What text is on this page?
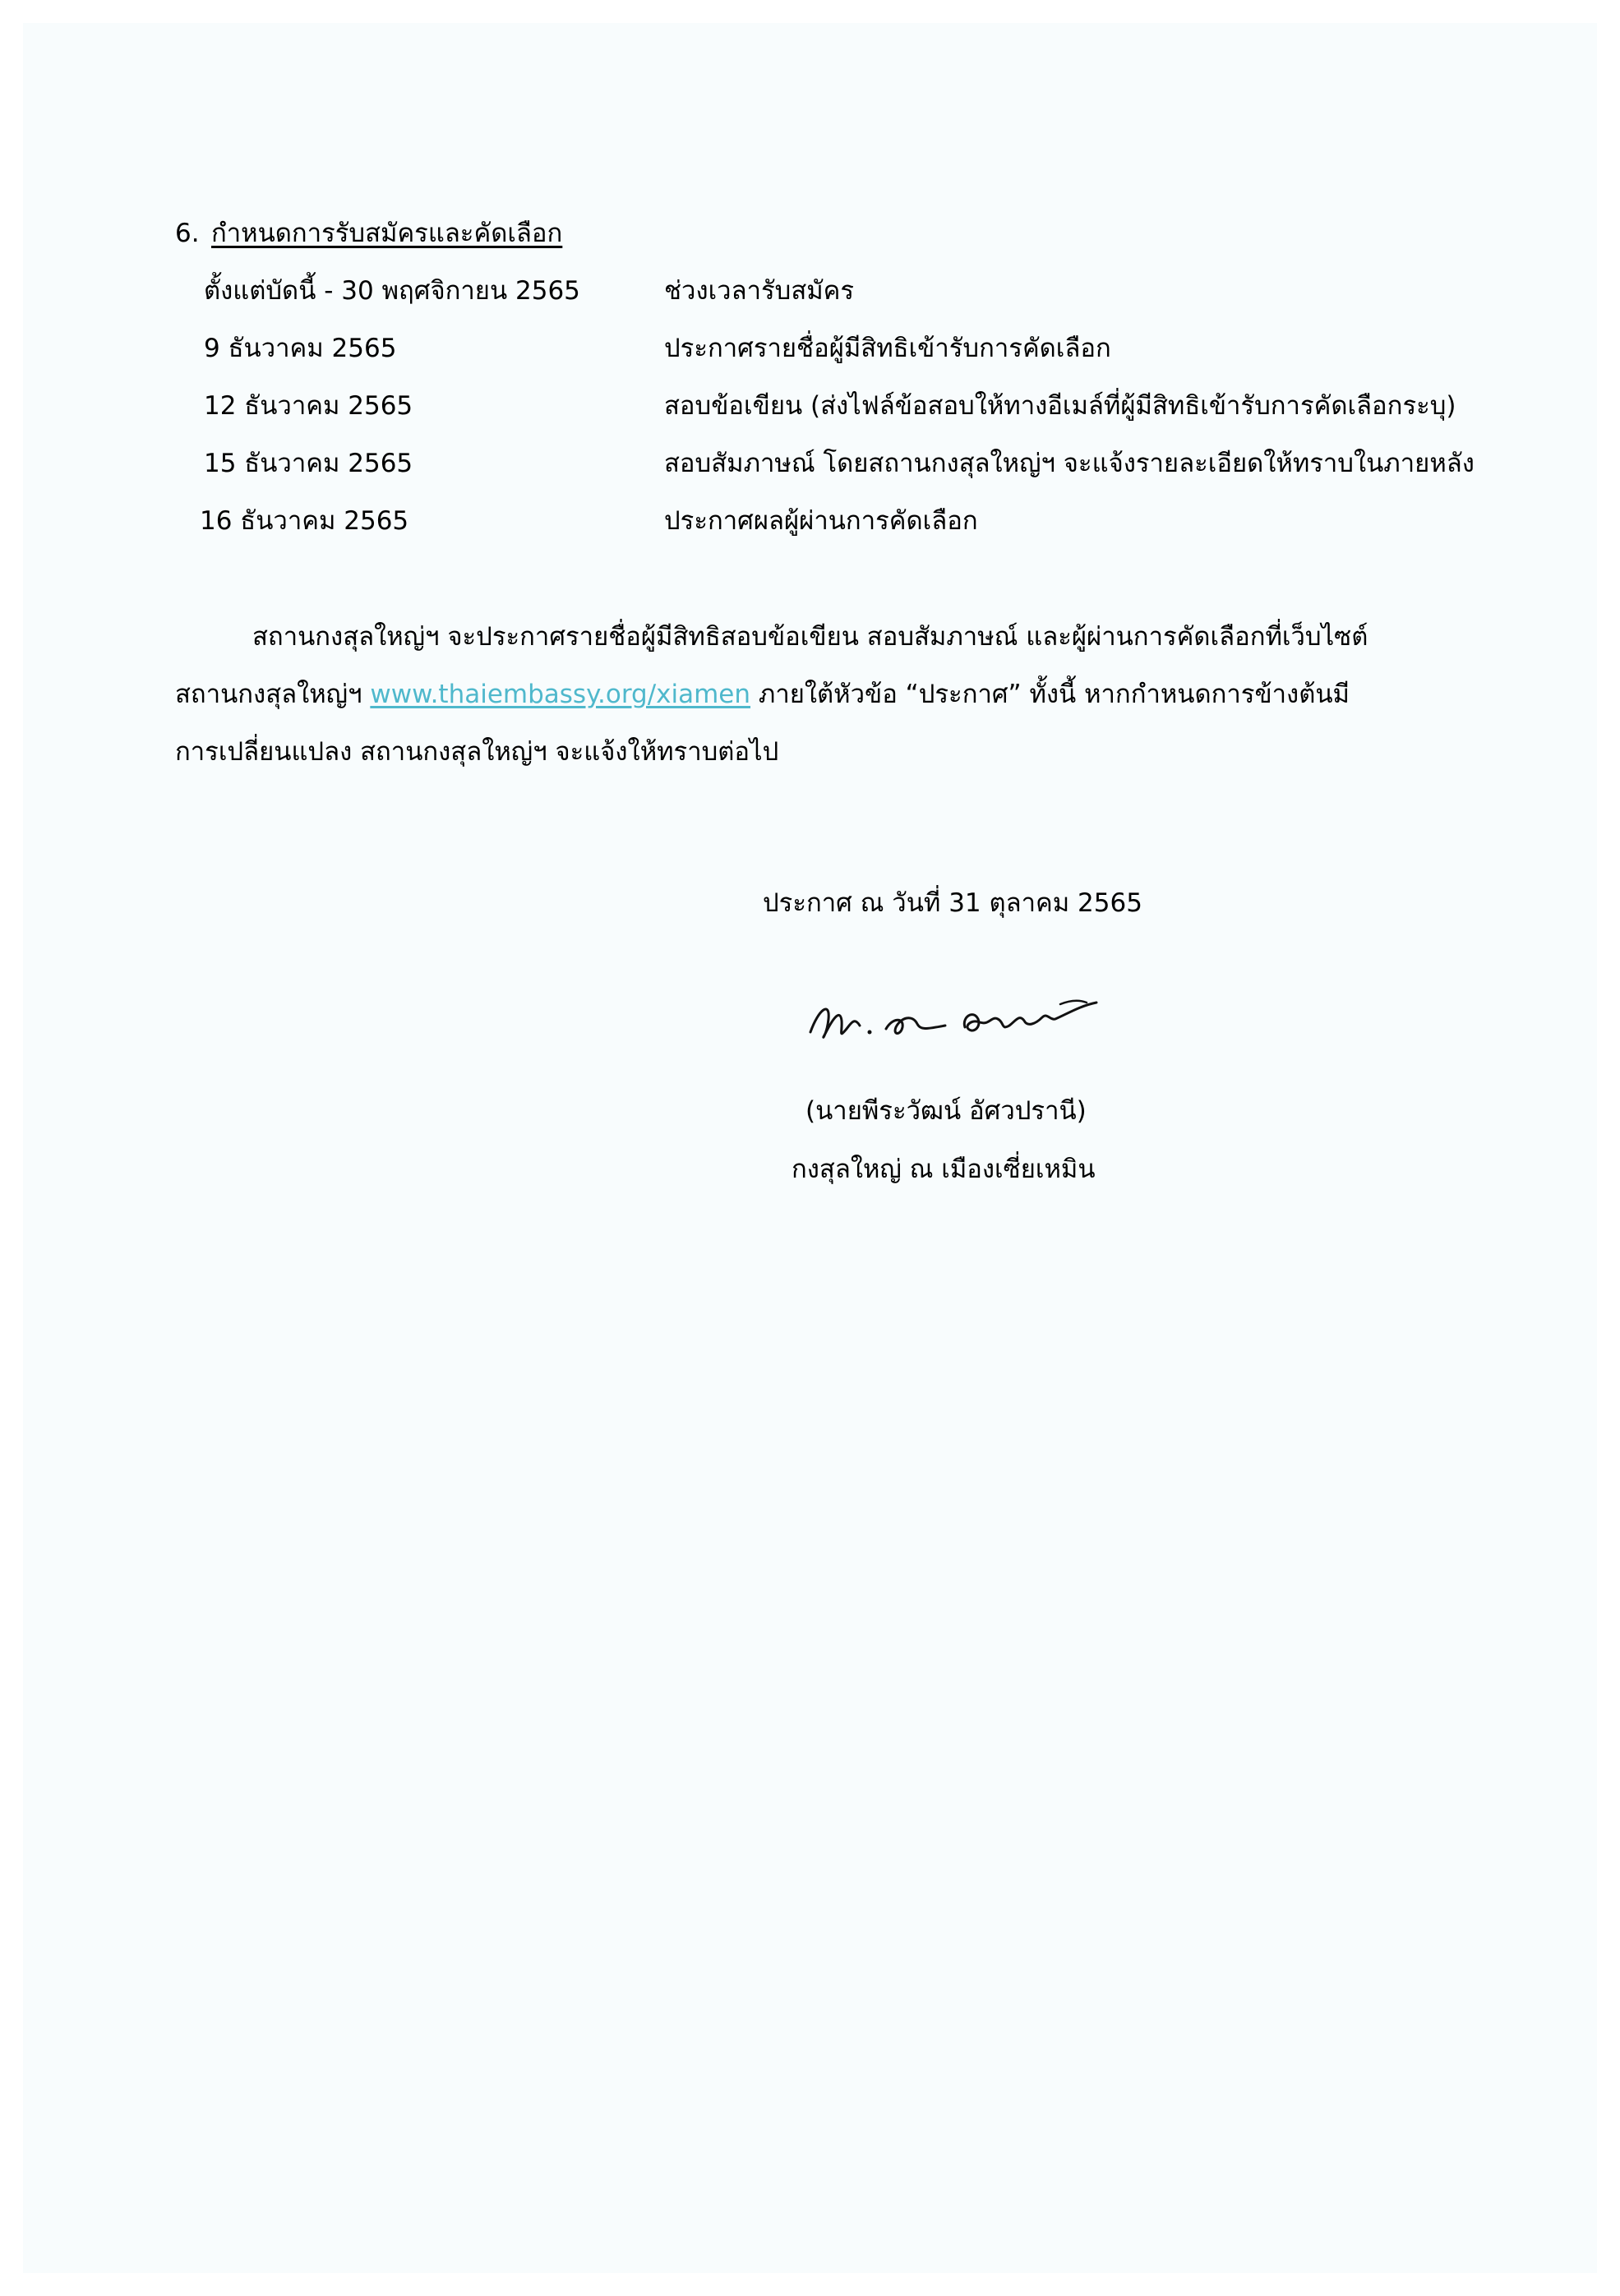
6. กำหนดการรับสมัครและคัดเลือก
ตั้งแต่บัดนี้ - 30 พฤศจิกายน 2565	ช่วงเวลารับสมัคร
9 ธันวาคม 2565	ประกาศรายชื่อผู้มีสิทธิเข้ารับการคัดเลือก
12 ธันวาคม 2565	สอบข้อเขียน (ส่งไฟล์ข้อสอบให้ทางอีเมล์ที่ผู้มีสิทธิเข้ารับการคัดเลือกระบุ)
15 ธันวาคม 2565	สอบสัมภาษณ์ โดยสถานกงสุลใหญ่ฯ จะแจ้งรายละเอียดให้ทราบในภายหลัง
16 ธันวาคม 2565	ประกาศผลผู้ผ่านการคัดเลือก
สถานกงสุลใหญ่ฯ จะประกาศรายชื่อผู้มีสิทธิสอบข้อเขียน สอบสัมภาษณ์ และผู้ผ่านการคัดเลือกที่เว็บไซต์
สถานกงสุลใหญ่ฯ www.thaiembassy.org/xiamen ภายใต้หัวข้อ “ประกาศ” ทั้งนี้ หากกำหนดการข้างต้นมี
การเปลี่ยนแปลง สถานกงสุลใหญ่ฯ จะแจ้งให้ทราบต่อไป
ประกาศ ณ วันที่ 31 ตุลาคม 2565
(นายพีระวัฒน์ อัศวปรานี)
กงสุลใหญ่ ณ เมืองเซี่ยเหมิน
